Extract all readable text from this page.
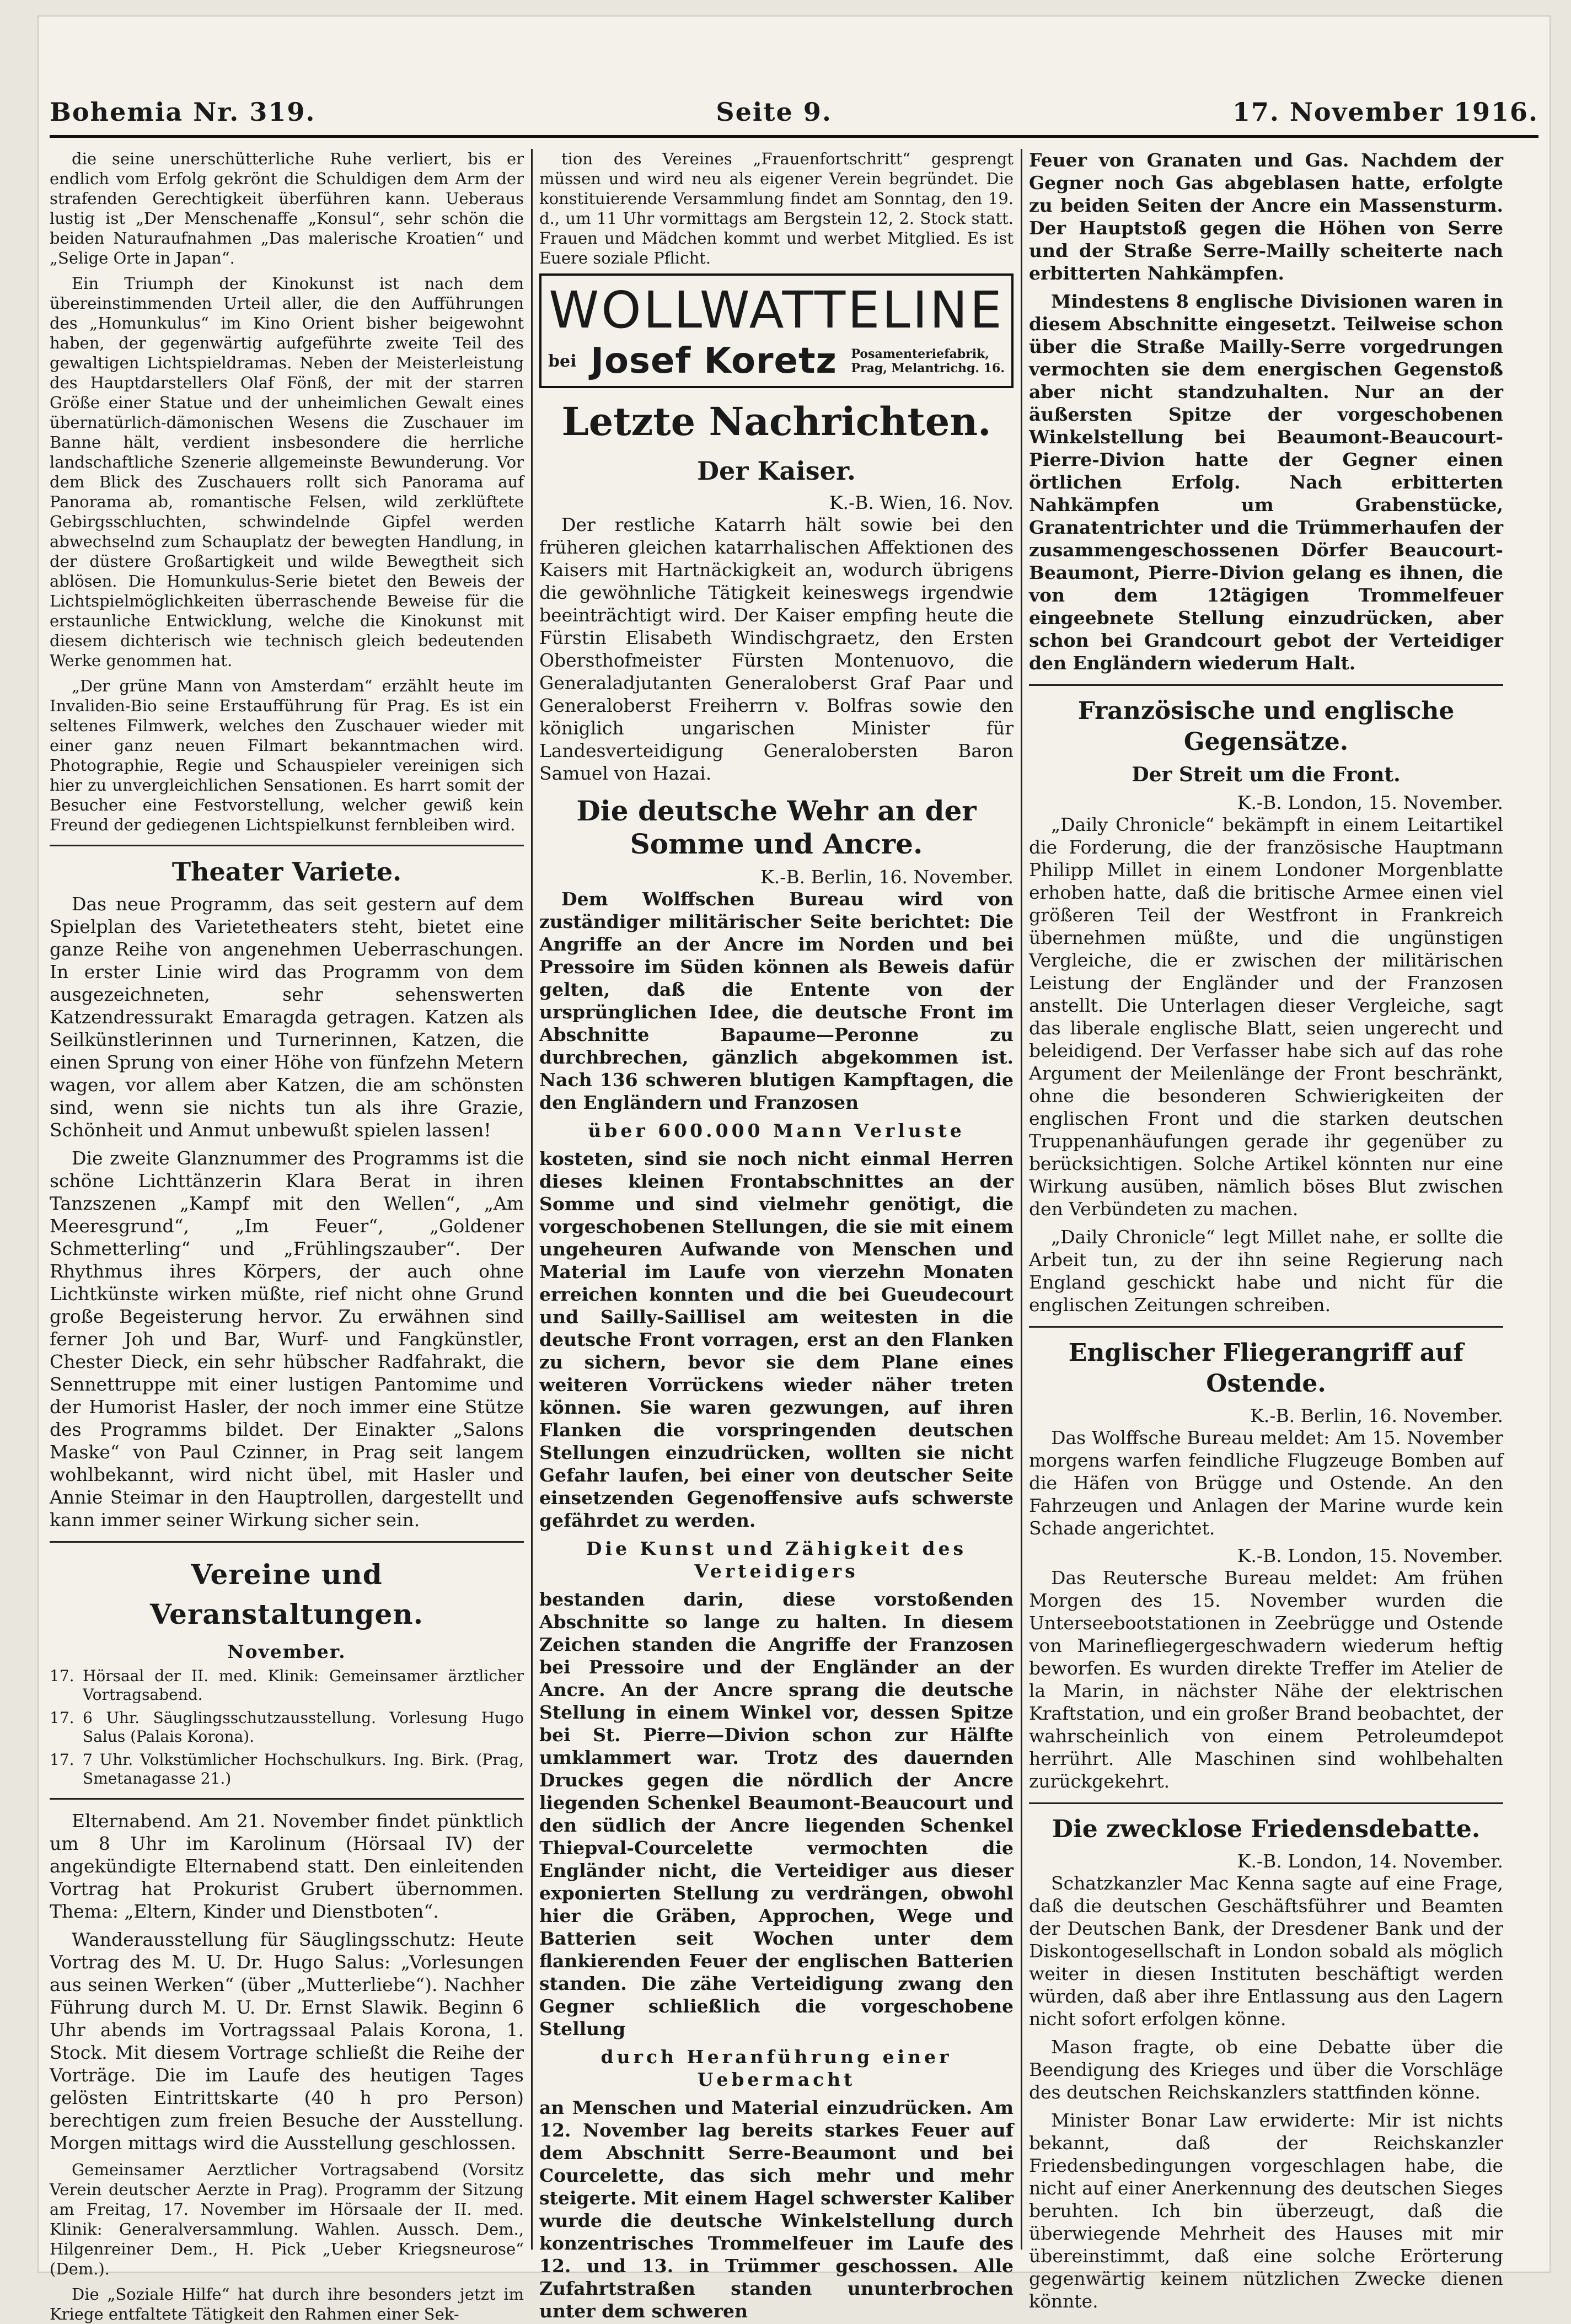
Bohemia Nr. 319.	Seite 9.	17. November 1916.

die seine unerschütterliche Ruhe verliert, bis er endlich vom Erfolg gekrönt die Schuldigen dem Arm der strafenden Gerechtigkeit überführen kann. Ueberaus lustig ist „Der Menschenaffe „Konsul“, sehr schön die beiden Naturaufnahmen „Das malerische Kroatien“ und „Selige Orte in Japan“.

Ein Triumph der Kinokunst ist nach dem übereinstimmenden Urteil aller, die den Aufführungen des „Homunkulus“ im Kino Orient bisher beigewohnt haben, der gegenwärtig aufgeführte zweite Teil des gewaltigen Lichtspieldramas. Neben der Meisterleistung des Hauptdarstellers Olaf Fönß, der mit der starren Größe einer Statue und der unheimlichen Gewalt eines übernatürlich-dämonischen Wesens die Zuschauer im Banne hält, verdient insbesondere die herrliche landschaftliche Szenerie allgemeinste Bewunderung. Vor dem Blick des Zuschauers rollt sich Panorama auf Panorama ab, romantische Felsen, wild zerklüftete Gebirgsschluchten, schwindelnde Gipfel werden abwechselnd zum Schauplatz der bewegten Handlung, in der düstere Großartigkeit und wilde Bewegtheit sich ablösen. Die Homunkulus-Serie bietet den Beweis der Lichtspielmöglichkeiten überraschende Beweise für die erstaunliche Entwicklung, welche die Kinokunst mit diesem dichterisch wie technisch gleich bedeutenden Werke genommen hat.

„Der grüne Mann von Amsterdam“ erzählt heute im Invaliden-Bio seine Erstaufführung für Prag. Es ist ein seltenes Filmwerk, welches den Zuschauer wieder mit einer ganz neuen Filmart bekanntmachen wird. Photographie, Regie und Schauspieler vereinigen sich hier zu unvergleichlichen Sensationen. Es harrt somit der Besucher eine Festvorstellung, welcher gewiß kein Freund der gediegenen Lichtspielkunst fernbleiben wird.

Theater Variete.

Das neue Programm, das seit gestern auf dem Spielplan des Varietetheaters steht, bietet eine ganze Reihe von angenehmen Ueberraschungen. In erster Linie wird das Programm von dem ausgezeichneten, sehr sehenswerten Katzendressurakt Emaragda getragen. Katzen als Seilkünstlerinnen und Turnerinnen, Katzen, die einen Sprung von einer Höhe von fünfzehn Metern wagen, vor allem aber Katzen, die am schönsten sind, wenn sie nichts tun als ihre Grazie, Schönheit und Anmut unbewußt spielen lassen!

Die zweite Glanznummer des Programms ist die schöne Lichttänzerin Klara Berat in ihren Tanzszenen „Kampf mit den Wellen“, „Am Meeresgrund“, „Im Feuer“, „Goldener Schmetterling“ und „Frühlingszauber“. Der Rhythmus ihres Körpers, der auch ohne Lichtkünste wirken müßte, rief nicht ohne Grund große Begeisterung hervor. Zu erwähnen sind ferner Joh und Bar, Wurf- und Fangkünstler, Chester Dieck, ein sehr hübscher Radfahrakt, die Sennettruppe mit einer lustigen Pantomime und der Humorist Hasler, der noch immer eine Stütze des Programms bildet. Der Einakter „Salons Maske“ von Paul Czinner, in Prag seit langem wohlbekannt, wird nicht übel, mit Hasler und Annie Steimar in den Hauptrollen, dargestellt und kann immer seiner Wirkung sicher sein.

Vereine und Veranstaltungen.
November.
17. Hörsaal der II. med. Klinik: Gemeinsamer ärztlicher Vortragsabend.
17. 6 Uhr. Säuglingsschutzausstellung. Vorlesung Hugo Salus (Palais Korona).
17. 7 Uhr. Volkstümlicher Hochschulkurs. Ing. Birk. (Prag, Smetanagasse 21.)

Elternabend. Am 21. November findet pünktlich um 8 Uhr im Karolinum (Hörsaal IV) der angekündigte Elternabend statt. Den einleitenden Vortrag hat Prokurist Grubert übernommen. Thema: „Eltern, Kinder und Dienstboten“.

Wanderausstellung für Säuglingsschutz: Heute Vortrag des M. U. Dr. Hugo Salus: „Vorlesungen aus seinen Werken“ (über „Mutterliebe“). Nachher Führung durch M. U. Dr. Ernst Slawik. Beginn 6 Uhr abends im Vortragssaal Palais Korona, 1. Stock. Mit diesem Vortrage schließt die Reihe der Vorträge. Die im Laufe des heutigen Tages gelösten Eintrittskarte (40 h pro Person) berechtigen zum freien Besuche der Ausstellung. Morgen mittags wird die Ausstellung geschlossen.

Gemeinsamer Aerztlicher Vortragsabend (Vorsitz Verein deutscher Aerzte in Prag). Programm der Sitzung am Freitag, 17. November im Hörsaale der II. med. Klinik: Generalversammlung. Wahlen. Aussch. Dem., Hilgenreiner Dem., H. Pick „Ueber Kriegsneurose“ (Dem.).

Die „Soziale Hilfe“ hat durch ihre besonders jetzt im Kriege entfaltete Tätigkeit den Rahmen einer Sek-

tion des Vereines „Frauenfortschritt“ gesprengt müssen und wird neu als eigener Verein begründet. Die konstituierende Versammlung findet am Sonntag, den 19. d., um 11 Uhr vormittags am Bergstein 12, 2. Stock statt. Frauen und Mädchen kommt und werbet Mitglied. Es ist Euere soziale Pflicht.

WOLLWATTELINE
bei Josef Koretz Posamenteriefabrik,
Prag, Melantrichg. 16.
Letzte Nachrichten.
Der Kaiser.
K.-B. Wien, 16. Nov.

Der restliche Katarrh hält sowie bei den früheren gleichen katarrhalischen Affektionen des Kaisers mit Hartnäckigkeit an, wodurch übrigens die gewöhnliche Tätigkeit keineswegs irgendwie beeinträchtigt wird. Der Kaiser empfing heute die Fürstin Elisabeth Windischgraetz, den Ersten Obersthofmeister Fürsten Montenuovo, die Generaladjutanten Generaloberst Graf Paar und Generaloberst Freiherrn v. Bolfras sowie den königlich ungarischen Minister für Landesverteidigung Generalobersten Baron Samuel von Hazai.

Die deutsche Wehr an der Somme und Ancre.
K.-B. Berlin, 16. November.

Dem Wolffschen Bureau wird von zuständiger militärischer Seite berichtet: Die Angriffe an der Ancre im Norden und bei Pressoire im Süden können als Beweis dafür gelten, daß die Entente von der ursprünglichen Idee, die deutsche Front im Abschnitte Bapaume—Peronne zu durchbrechen, gänzlich abgekommen ist. Nach 136 schweren blutigen Kampftagen, die den Engländern und Franzosen

über 600.000 Mann Verluste

kosteten, sind sie noch nicht einmal Herren dieses kleinen Frontabschnittes an der Somme und sind vielmehr genötigt, die vorgeschobenen Stellungen, die sie mit einem ungeheuren Aufwande von Menschen und Material im Laufe von vierzehn Monaten erreichen konnten und die bei Gueudecourt und Sailly-Saillisel am weitesten in die deutsche Front vorragen, erst an den Flanken zu sichern, bevor sie dem Plane eines weiteren Vorrückens wieder näher treten können. Sie waren gezwungen, auf ihren Flanken die vorspringenden deutschen Stellungen einzudrücken, wollten sie nicht Gefahr laufen, bei einer von deutscher Seite einsetzenden Gegenoffensive aufs schwerste gefährdet zu werden.

Die Kunst und Zähigkeit des Verteidigers

bestanden darin, diese vorstoßenden Abschnitte so lange zu halten. In diesem Zeichen standen die Angriffe der Franzosen bei Pressoire und der Engländer an der Ancre. An der Ancre sprang die deutsche Stellung in einem Winkel vor, dessen Spitze bei St. Pierre—Divion schon zur Hälfte umklammert war. Trotz des dauernden Druckes gegen die nördlich der Ancre liegenden Schenkel Beaumont-Beaucourt und den südlich der Ancre liegenden Schenkel Thiepval-Courcelette vermochten die Engländer nicht, die Verteidiger aus dieser exponierten Stellung zu verdrängen, obwohl hier die Gräben, Approchen, Wege und Batterien seit Wochen unter dem flankierenden Feuer der englischen Batterien standen. Die zähe Verteidigung zwang den Gegner schließlich die vorgeschobene Stellung

durch Heranführung einer Uebermacht

an Menschen und Material einzudrücken. Am 12. November lag bereits starkes Feuer auf dem Abschnitt Serre-Beaumont und bei Courcelette, das sich mehr und mehr steigerte. Mit einem Hagel schwerster Kaliber wurde die deutsche Winkelstellung durch konzentrisches Trommelfeuer im Laufe des 12. und 13. in Trümmer geschossen. Alle Zufahrtstraßen standen ununterbrochen unter dem schweren

Feuer von Granaten und Gas. Nachdem der Gegner noch Gas abgeblasen hatte, erfolgte zu beiden Seiten der Ancre ein Massensturm. Der Hauptstoß gegen die Höhen von Serre und der Straße Serre-Mailly scheiterte nach erbitterten Nahkämpfen.

Mindestens 8 englische Divisionen waren in diesem Abschnitte eingesetzt. Teilweise schon über die Straße Mailly-Serre vorgedrungen vermochten sie dem energischen Gegenstoß aber nicht standzuhalten. Nur an der äußersten Spitze der vorgeschobenen Winkelstellung bei Beaumont-Beaucourt-Pierre-Divion hatte der Gegner einen örtlichen Erfolg. Nach erbitterten Nahkämpfen um Grabenstücke, Granatentrichter und die Trümmerhaufen der zusammengeschossenen Dörfer Beaucourt-Beaumont, Pierre-Divion gelang es ihnen, die von dem 12tägigen Trommelfeuer eingeebnete Stellung einzudrücken, aber schon bei Grandcourt gebot der Verteidiger den Engländern wiederum Halt.

Französische und englische Gegensätze.
Der Streit um die Front.
K.-B. London, 15. November.

„Daily Chronicle“ bekämpft in einem Leitartikel die Forderung, die der französische Hauptmann Philipp Millet in einem Londoner Morgenblatte erhoben hatte, daß die britische Armee einen viel größeren Teil der Westfront in Frankreich übernehmen müßte, und die ungünstigen Vergleiche, die er zwischen der militärischen Leistung der Engländer und der Franzosen anstellt. Die Unterlagen dieser Vergleiche, sagt das liberale englische Blatt, seien ungerecht und beleidigend. Der Verfasser habe sich auf das rohe Argument der Meilenlänge der Front beschränkt, ohne die besonderen Schwierigkeiten der englischen Front und die starken deutschen Truppenanhäufungen gerade ihr gegenüber zu berücksichtigen. Solche Artikel könnten nur eine Wirkung ausüben, nämlich böses Blut zwischen den Verbündeten zu machen.

„Daily Chronicle“ legt Millet nahe, er sollte die Arbeit tun, zu der ihn seine Regierung nach England geschickt habe und nicht für die englischen Zeitungen schreiben.

Englischer Fliegerangriff auf Ostende.
K.-B. Berlin, 16. November.

Das Wolffsche Bureau meldet: Am 15. November morgens warfen feindliche Flugzeuge Bomben auf die Häfen von Brügge und Ostende. An den Fahrzeugen und Anlagen der Marine wurde kein Schade angerichtet.

K.-B. London, 15. November.

Das Reutersche Bureau meldet: Am frühen Morgen des 15. November wurden die Unterseebootstationen in Zeebrügge und Ostende von Marinefliegergeschwadern wiederum heftig beworfen. Es wurden direkte Treffer im Atelier de la Marin, in nächster Nähe der elektrischen Kraftstation, und ein großer Brand beobachtet, der wahrscheinlich von einem Petroleumdepot herrührt. Alle Maschinen sind wohlbehalten zurückgekehrt.

Die zwecklose Friedensdebatte.
K.-B. London, 14. November.

Schatzkanzler Mac Kenna sagte auf eine Frage, daß die deutschen Geschäftsführer und Beamten der Deutschen Bank, der Dresdener Bank und der Diskontogesellschaft in London sobald als möglich weiter in diesen Instituten beschäftigt werden würden, daß aber ihre Entlassung aus den Lagern nicht sofort erfolgen könne.

Mason fragte, ob eine Debatte über die Beendigung des Krieges und über die Vorschläge des deutschen Reichskanzlers stattfinden könne.

Minister Bonar Law erwiderte: Mir ist nichts bekannt, daß der Reichskanzler Friedensbedingungen vorgeschlagen habe, die nicht auf einer Anerkennung des deutschen Sieges beruhten. Ich bin überzeugt, daß die überwiegende Mehrheit des Hauses mit mir übereinstimmt, daß eine solche Erörterung gegenwärtig keinem nützlichen Zwecke dienen könnte.
